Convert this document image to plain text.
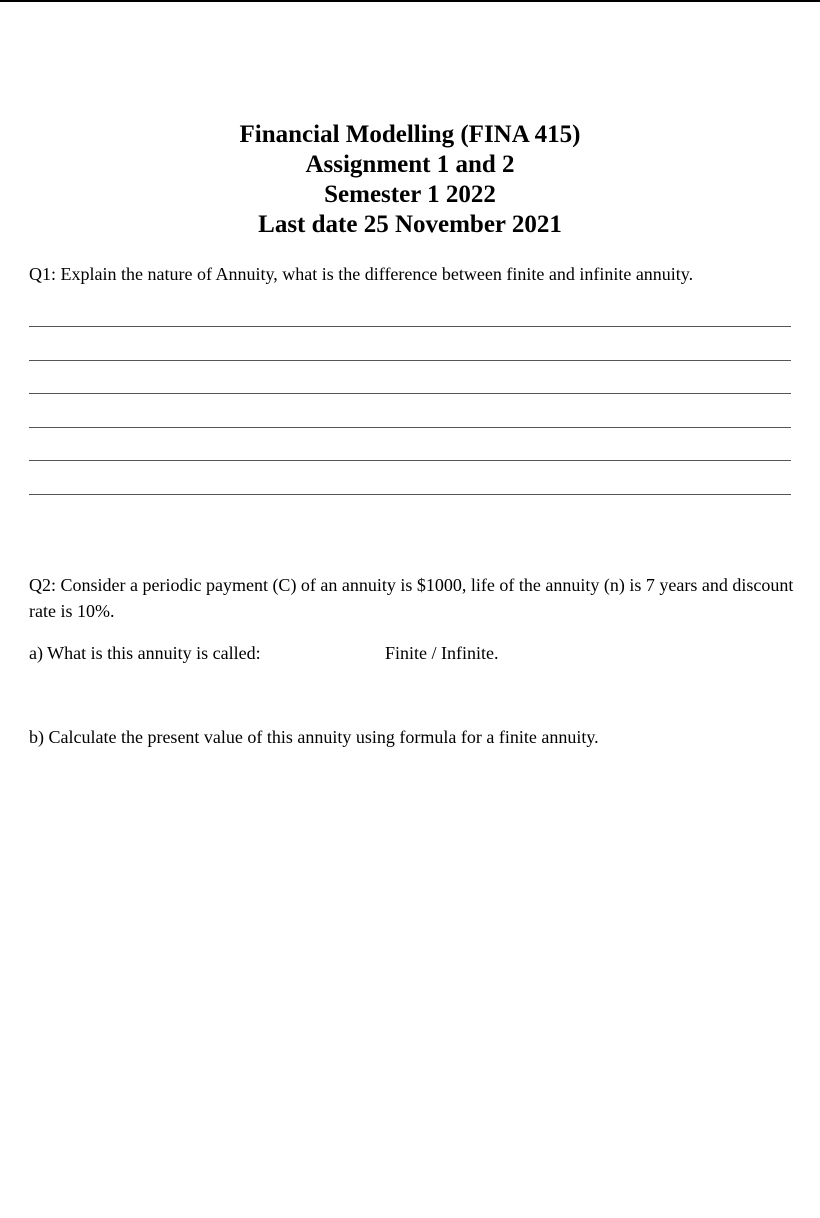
Financial Modelling (FINA 415)
Assignment 1 and 2
Semester 1 2022
Last date 25 November 2021
Q1: Explain the nature of Annuity, what is the difference between finite and infinite annuity.
Q2: Consider a periodic payment (C) of an annuity is $1000, life of the annuity (n) is 7 years and discount rate is 10%.
a) What is this annuity is called:	Finite / Infinite.
b) Calculate the present value of this annuity using formula for a finite annuity.
